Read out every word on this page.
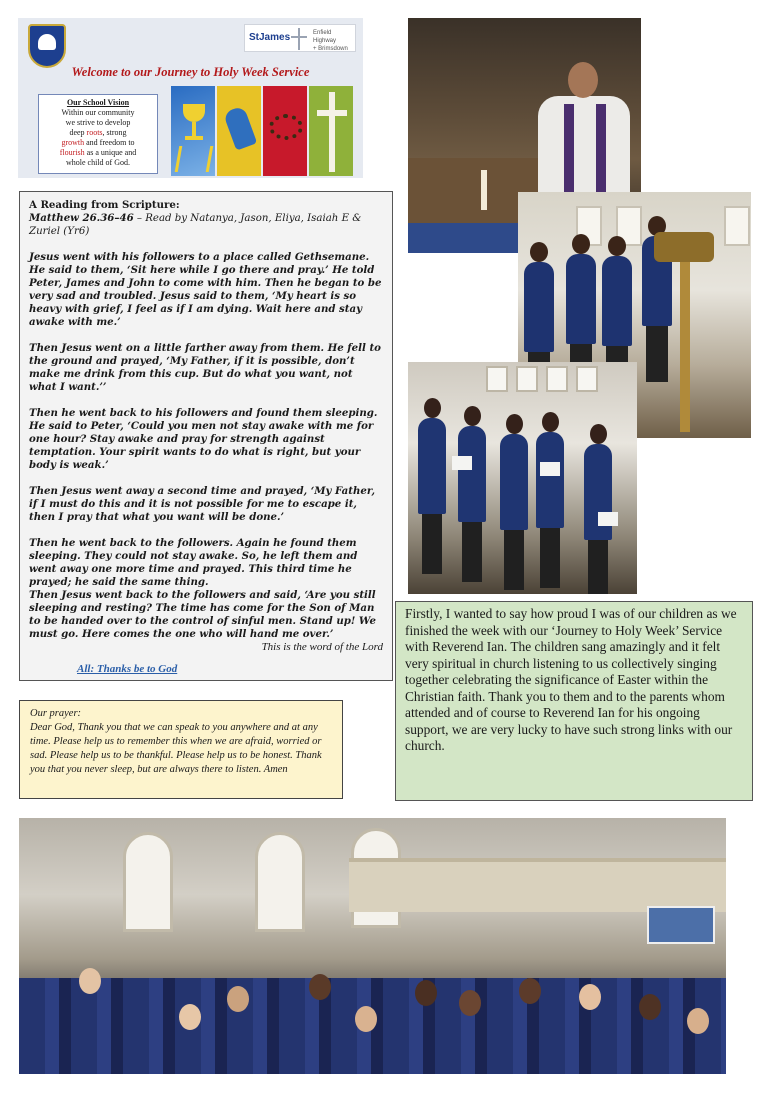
StJames	Enfield Highway
+ Brimsdown
Welcome to our Journey to Holy Week Service
Our School Vision
Within our community
we strive to develop
deep roots, strong
growth and freedom to
flourish as a unique and
whole child of God.
A Reading from Scripture:
Matthew 26.36–46 – Read by Natanya, Jason, Eliya, Isaiah E & Zuriel (Yr6)

Jesus went with his followers to a place called Gethsemane. He said to them, ‘Sit here while I go there and pray.’ He told Peter, James and John to come with him. Then he began to be very sad and troubled. Jesus said to them, ‘My heart is so heavy with grief, I feel as if I am dying. Wait here and stay awake with me.’

Then Jesus went on a little farther away from them. He fell to the ground and prayed, ‘My Father, if it is possible, don’t make me drink from this cup. But do what you want, not what I want.’’

Then he went back to his followers and found them sleeping. He said to Peter, ‘Could you men not stay awake with me for one hour? Stay awake and pray for strength against temptation. Your spirit wants to do what is right, but your body is weak.’

Then Jesus went away a second time and prayed, ‘My Father, if I must do this and it is not possible for me to escape it, then I pray that what you want will be done.’

Then he went back to the followers. Again he found them sleeping. They could not stay awake. So, he left them and went away one more time and prayed. This third time he prayed; he said the same thing.

Then Jesus went back to the followers and said, ‘Are you still sleeping and resting? The time has come for the Son of Man to be handed over to the control of sinful men. Stand up! We must go. Here comes the one who will hand me over.’

This is the word of the Lord
All: Thanks be to God
Our prayer:
Dear God, Thank you that we can speak to you anywhere and at any time. Please help us to remember this when we are afraid, worried or sad. Please help us to be thankful. Please help us to be honest. Thank you that you never sleep, but are always there to listen. Amen
Firstly, I wanted to say how proud I was of our children as we finished the week with our ‘Journey to Holy Week’ Service with Reverend Ian. The children sang amazingly and it felt very spiritual in church listening to us collectively singing together celebrating the significance of Easter within the Christian faith. Thank you to them and to the parents whom attended and of course to Reverend Ian for his ongoing support, we are very lucky to have such strong links with our church.
